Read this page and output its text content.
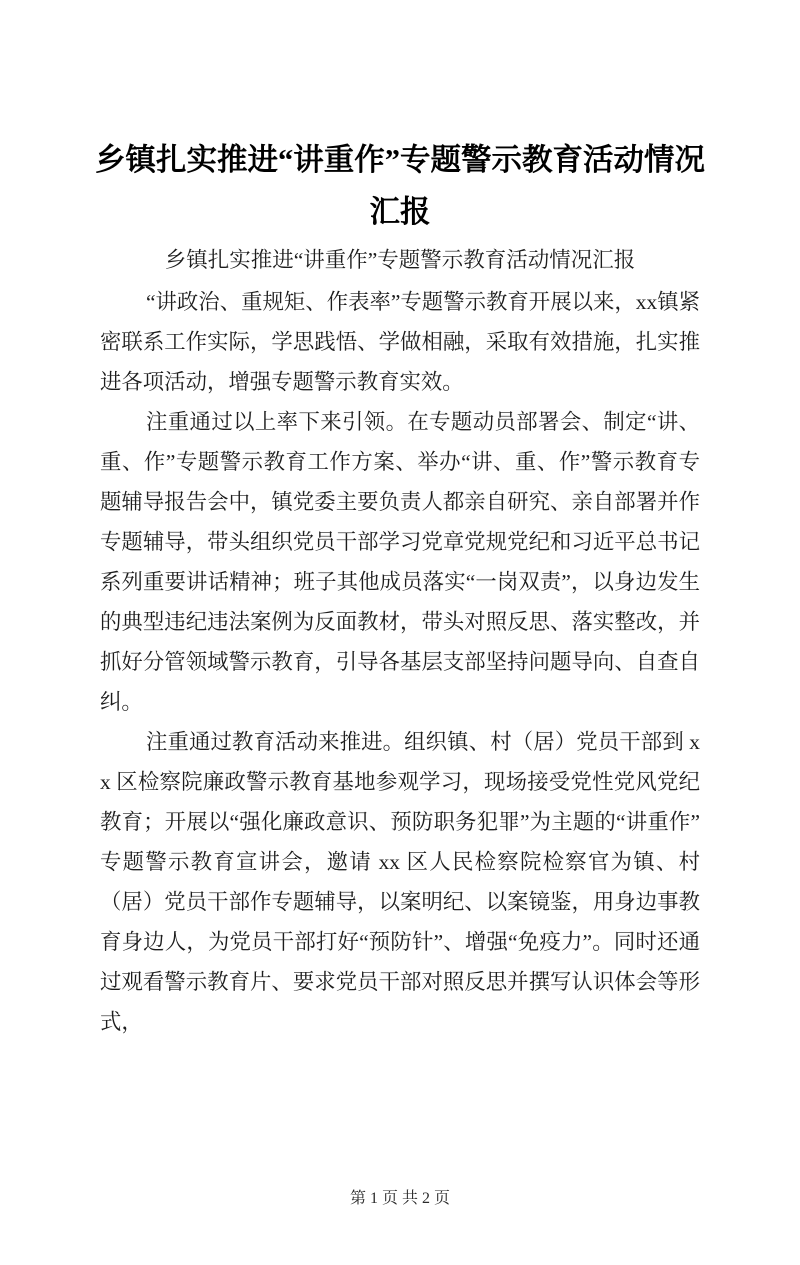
乡镇扎实推进“讲重作”专题警示教育活动情况汇报
乡镇扎实推进“讲重作”专题警示教育活动情况汇报

“讲政治、重规矩、作表率”专题警示教育开展以来，xx镇紧密联系工作实际，学思践悟、学做相融，采取有效措施，扎实推进各项活动，增强专题警示教育实效。

注重通过以上率下来引领。在专题动员部署会、制定“讲、重、作”专题警示教育工作方案、举办“讲、重、作”警示教育专题辅导报告会中，镇党委主要负责人都亲自研究、亲自部署并作专题辅导，带头组织党员干部学习党章党规党纪和习近平总书记系列重要讲话精神；班子其他成员落实“一岗双责”，以身边发生的典型违纪违法案例为反面教材，带头对照反思、落实整改，并抓好分管领域警示教育，引导各基层支部坚持问题导向、自查自纠。

注重通过教育活动来推进。组织镇、村（居）党员干部到 xx 区检察院廉政警示教育基地参观学习，现场接受党性党风党纪教育；开展以“强化廉政意识、预防职务犯罪”为主题的“讲重作”专题警示教育宣讲会，邀请 xx 区人民检察院检察官为镇、村（居）党员干部作专题辅导，以案明纪、以案镜鉴，用身边事教育身边人，为党员干部打好“预防针”、增强“免疫力”。同时还通过观看警示教育片、要求党员干部对照反思并撰写认识体会等形式，

第 1 页 共 2 页
